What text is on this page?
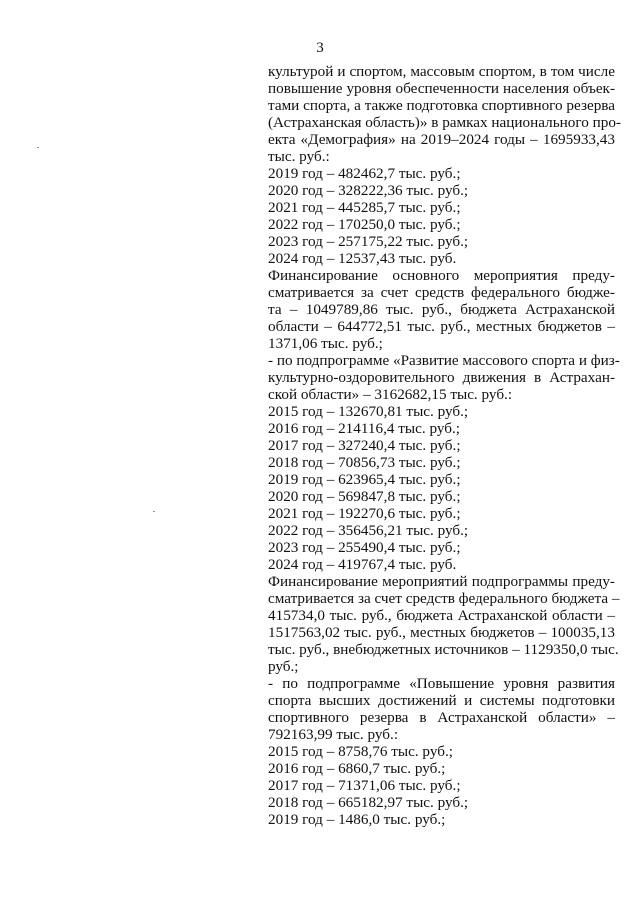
3
культурой и спортом, массовым спортом, в том числе
повышение уровня обеспеченности населения объек-
тами спорта, а также подготовка спортивного резерва
(Астраханская область)» в рамках национального про-
екта «Демография» на 2019–2024 годы – 1695933,43
тыс. руб.:
2019 год – 482462,7 тыс. руб.;
2020 год – 328222,36 тыс. руб.;
2021 год – 445285,7 тыс. руб.;
2022 год – 170250,0 тыс. руб.;
2023 год – 257175,22 тыс. руб.;
2024 год – 12537,43 тыс. руб.
Финансирование основного мероприятия преду-
сматривается за счет средств федерального бюдже-
та – 1049789,86 тыс. руб., бюджета Астраханской
области – 644772,51 тыс. руб., местных бюджетов –
1371,06 тыс. руб.;
- по подпрограмме «Развитие массового спорта и физ-
культурно-оздоровительного движения в Астрахан-
ской области» – 3162682,15 тыс. руб.:
2015 год – 132670,81 тыс. руб.;
2016 год – 214116,4 тыс. руб.;
2017 год – 327240,4 тыс. руб.;
2018 год – 70856,73 тыс. руб.;
2019 год – 623965,4 тыс. руб.;
2020 год – 569847,8 тыс. руб.;
2021 год – 192270,6 тыс. руб.;
2022 год – 356456,21 тыс. руб.;
2023 год – 255490,4 тыс. руб.;
2024 год – 419767,4 тыс. руб.
Финансирование мероприятий подпрограммы преду-
сматривается за счет средств федерального бюджета –
415734,0 тыс. руб., бюджета Астраханской области –
1517563,02 тыс. руб., местных бюджетов – 100035,13
тыс. руб., внебюджетных источников – 1129350,0 тыс.
руб.;
- по подпрограмме «Повышение уровня развития
спорта высших достижений и системы подготовки
спортивного резерва в Астраханской области» –
792163,99 тыс. руб.:
2015 год – 8758,76 тыс. руб.;
2016 год – 6860,7 тыс. руб.;
2017 год – 71371,06 тыс. руб.;
2018 год – 665182,97 тыс. руб.;
2019 год – 1486,0 тыс. руб.;
